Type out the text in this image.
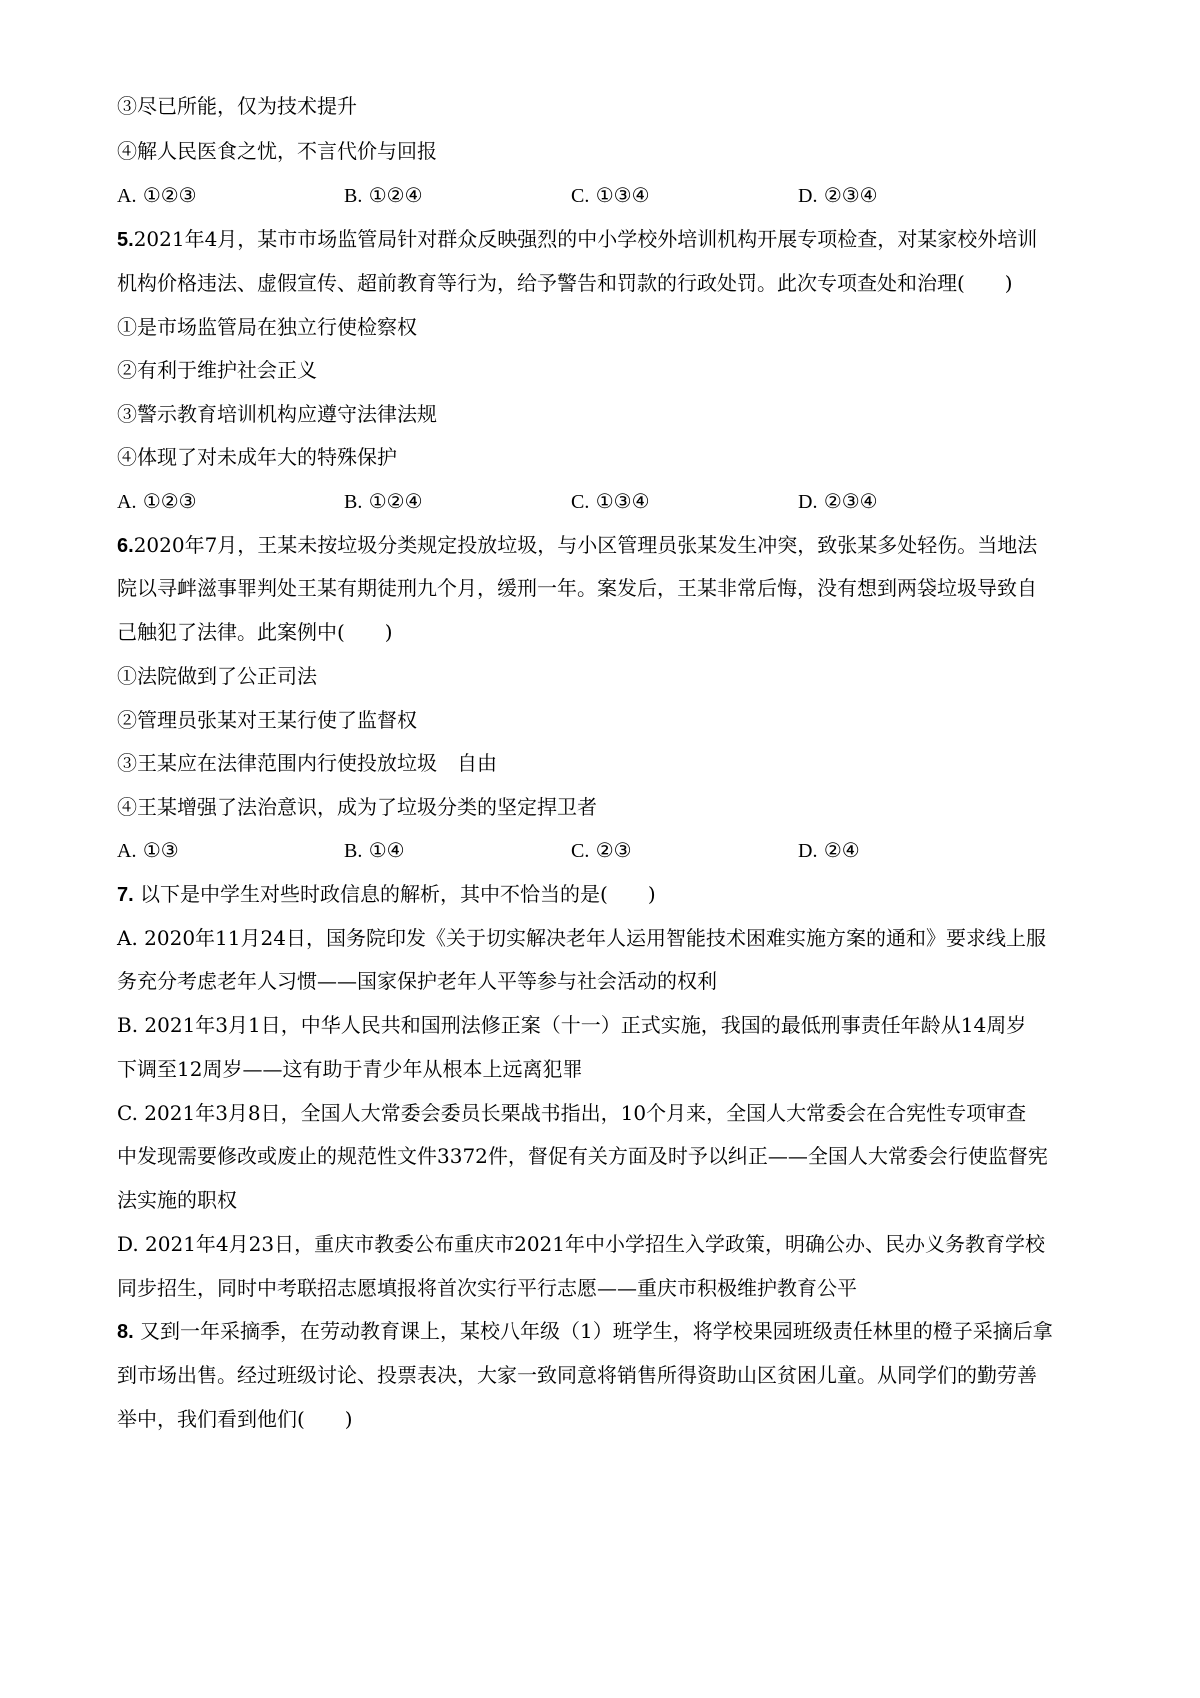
③尽已所能，仅为技术提升
④解人民医食之忧，不言代价与回报
A. ①②③	B. ①②④	C. ①③④	D. ②③④
5.2021年4月，某市市场监管局针对群众反映强烈的中小学校外培训机构开展专项检查，对某家校外培训
机构价格违法、虚假宣传、超前教育等行为，给予警告和罚款的行政处罚。此次专项查处和治理(　　)
①是市场监管局在独立行使检察权
②有利于维护社会正义
③警示教育培训机构应遵守法律法规
④体现了对未成年大的特殊保护
A. ①②③	B. ①②④	C. ①③④	D. ②③④
6.2020年7月，王某未按垃圾分类规定投放垃圾，与小区管理员张某发生冲突，致张某多处轻伤。当地法
院以寻衅滋事罪判处王某有期徒刑九个月，缓刑一年。案发后，王某非常后悔，没有想到两袋垃圾导致自
己触犯了法律。此案例中(　　)
①法院做到了公正司法
②管理员张某对王某行使了监督权
③王某应在法律范围内行使投放垃圾　自由
④王某增强了法治意识，成为了垃圾分类的坚定捍卫者
A. ①③	B. ①④	C. ②③	D. ②④
7. 以下是中学生对些时政信息的解析，其中不恰当的是(　　)
A. 2020年11月24日，国务院印发《关于切实解决老年人运用智能技术困难实施方案的通和》要求线上服
务充分考虑老年人习惯——国家保护老年人平等参与社会活动的权利
B. 2021年3月1日，中华人民共和国刑法修正案（十一）正式实施，我国的最低刑事责任年龄从14周岁
下调至12周岁——这有助于青少年从根本上远离犯罪
C. 2021年3月8日，全国人大常委会委员长栗战书指出，10个月来，全国人大常委会在合宪性专项审查
中发现需要修改或废止的规范性文件3372件，督促有关方面及时予以纠正——全国人大常委会行使监督宪
法实施的职权
D. 2021年4月23日，重庆市教委公布重庆市2021年中小学招生入学政策，明确公办、民办义务教育学校
同步招生，同时中考联招志愿填报将首次实行平行志愿——重庆市积极维护教育公平
8. 又到一年采摘季，在劳动教育课上，某校八年级（1）班学生，将学校果园班级责任林里的橙子采摘后拿
到市场出售。经过班级讨论、投票表决，大家一致同意将销售所得资助山区贫困儿童。从同学们的勤劳善
举中，我们看到他们(　　)
